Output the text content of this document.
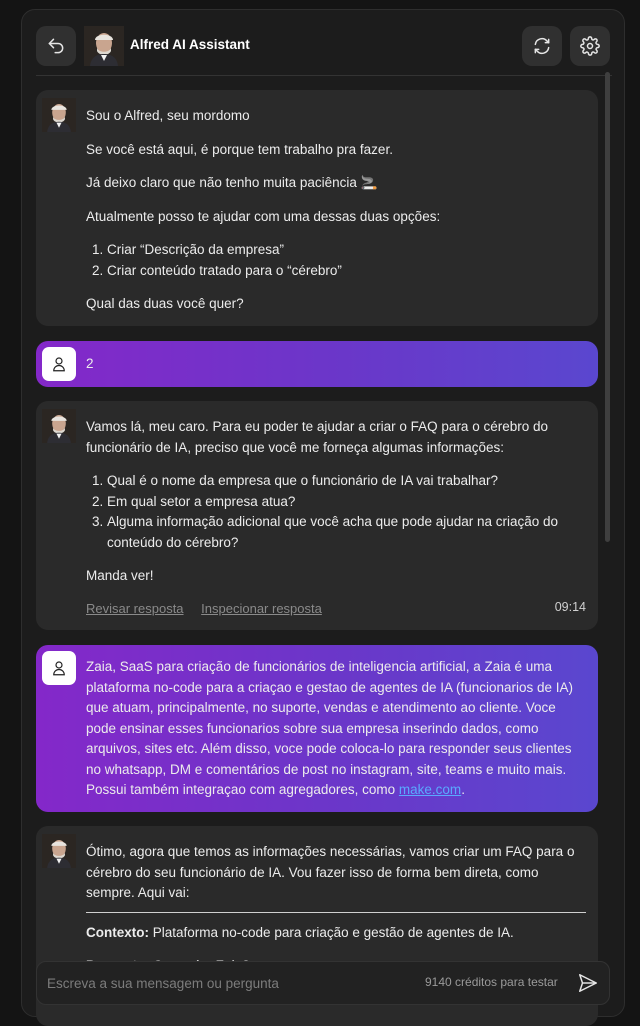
Alfred AI Assistant

Sou o Alfred, seu mordomo

Se você está aqui, é porque tem trabalho pra fazer.

Já deixo claro que não tenho muita paciência 🚬

Atualmente posso te ajudar com uma dessas duas opções:

1. Criar “Descrição da empresa”
2. Criar conteúdo tratado para o “cérebro”

Qual das duas você quer?

2

Vamos lá, meu caro. Para eu poder te ajudar a criar o FAQ para o cérebro do funcionário de IA, preciso que você me forneça algumas informações:

1. Qual é o nome da empresa que o funcionário de IA vai trabalhar?
2. Em qual setor a empresa atua?
3. Alguma informação adicional que você acha que pode ajudar na criação do conteúdo do cérebro?

Manda ver!

Revisar resposta Inspecionar resposta	09:14
Zaia, SaaS para criação de funcionários de inteligencia artificial, a Zaia é uma plataforma no-code para a criaçao e gestao de agentes de IA (funcionarios de IA) que atuam, principalmente, no suporte, vendas e atendimento ao cliente. Voce pode ensinar esses funcionarios sobre sua empresa inserindo dados, como arquivos, sites etc. Além disso, voce pode coloca-lo para responder seus clientes no whatsapp, DM e comentários de post no instagram, site, teams e muito mais. Possui também integraçao com agregadores, como make.com.

Ótimo, agora que temos as informações necessárias, vamos criar um FAQ para o cérebro do seu funcionário de IA. Vou fazer isso de forma bem direta, como sempre. Aqui vai:

Contexto: Plataforma no-code para criação e gestão de agentes de IA.

Escreva a sua mensagem ou pergunta
9140 créditos para testar
